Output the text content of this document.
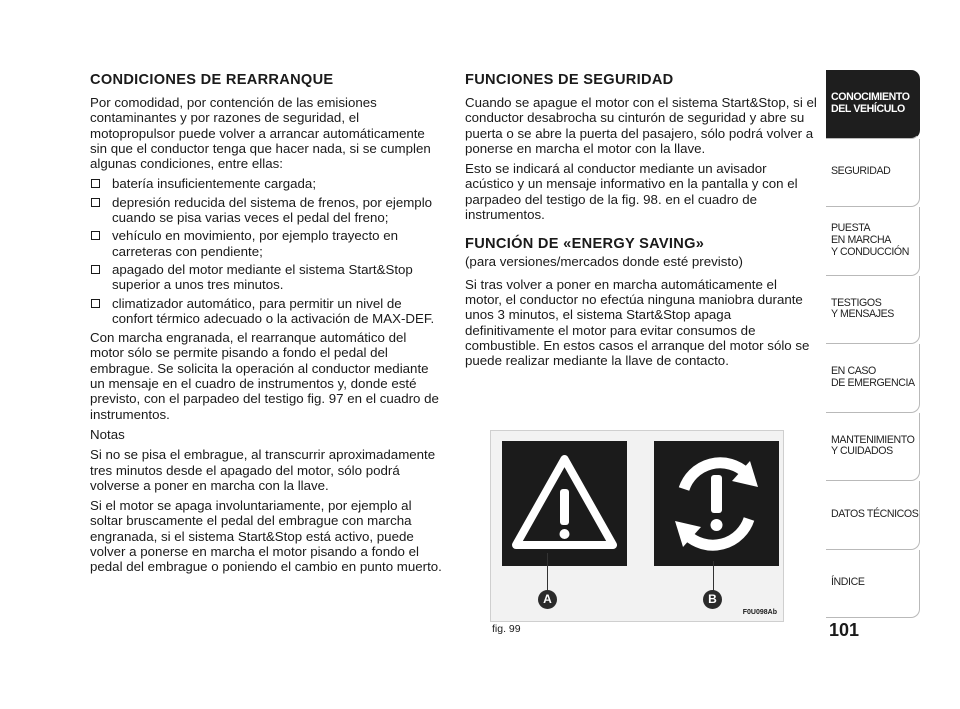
CONDICIONES DE REARRANQUE

Por comodidad, por contención de las emisiones contaminantes y por razones de seguridad, el motopropulsor puede volver a arrancar automáticamente sin que el conductor tenga que hacer nada, si se cumplen algunas condiciones, entre ellas:

batería insuficientemente cargada;
depresión reducida del sistema de frenos, por ejemplo cuando se pisa varias veces el pedal del freno;
vehículo en movimiento, por ejemplo trayecto en carreteras con pendiente;
apagado del motor mediante el sistema Start&Stop superior a unos tres minutos.
climatizador automático, para permitir un nivel de confort térmico adecuado o la activación de MAX-DEF.

Con marcha engranada, el rearranque automático del motor sólo se permite pisando a fondo el pedal del embrague. Se solicita la operación al conductor mediante un mensaje en el cuadro de instrumentos y, donde esté previsto, con el parpadeo del testigo fig. 97 en el cuadro de instrumentos.

Notas

Si no se pisa el embrague, al transcurrir aproximadamente tres minutos desde el apagado del motor, sólo podrá volverse a poner en marcha con la llave.

Si el motor se apaga involuntariamente, por ejemplo al soltar bruscamente el pedal del embrague con marcha engranada, si el sistema Start&Stop está activo, puede volver a ponerse en marcha el motor pisando a fondo el pedal del embrague o poniendo el cambio en punto muerto.

FUNCIONES DE SEGURIDAD

Cuando se apague el motor con el sistema Start&Stop, si el conductor desabrocha su cinturón de seguridad y abre su puerta o se abre la puerta del pasajero, sólo podrá volver a ponerse en marcha el motor con la llave.

Esto se indicará al conductor mediante un avisador acústico y un mensaje informativo en la pantalla y con el parpadeo del testigo de la fig. 98. en el cuadro de instrumentos.

FUNCIÓN DE «ENERGY SAVING»

(para versiones/mercados donde esté previsto)

Si tras volver a poner en marcha automáticamente el motor, el conductor no efectúa ninguna maniobra durante unos 3 minutos, el sistema Start&Stop apaga definitivamente el motor para evitar consumos de combustible. En estos casos el arranque del motor sólo se puede realizar mediante la llave de contacto.

A	B
F0U098Ab
fig. 99
CONOCIMIENTO
DEL VEHÍCULO
SEGURIDAD
PUESTA
EN MARCHA
Y CONDUCCIÓN
TESTIGOS
Y MENSAJES
EN CASO
DE EMERGENCIA
MANTENIMIENTO
Y CUIDADOS
DATOS TÉCNICOS
ÍNDICE
101
